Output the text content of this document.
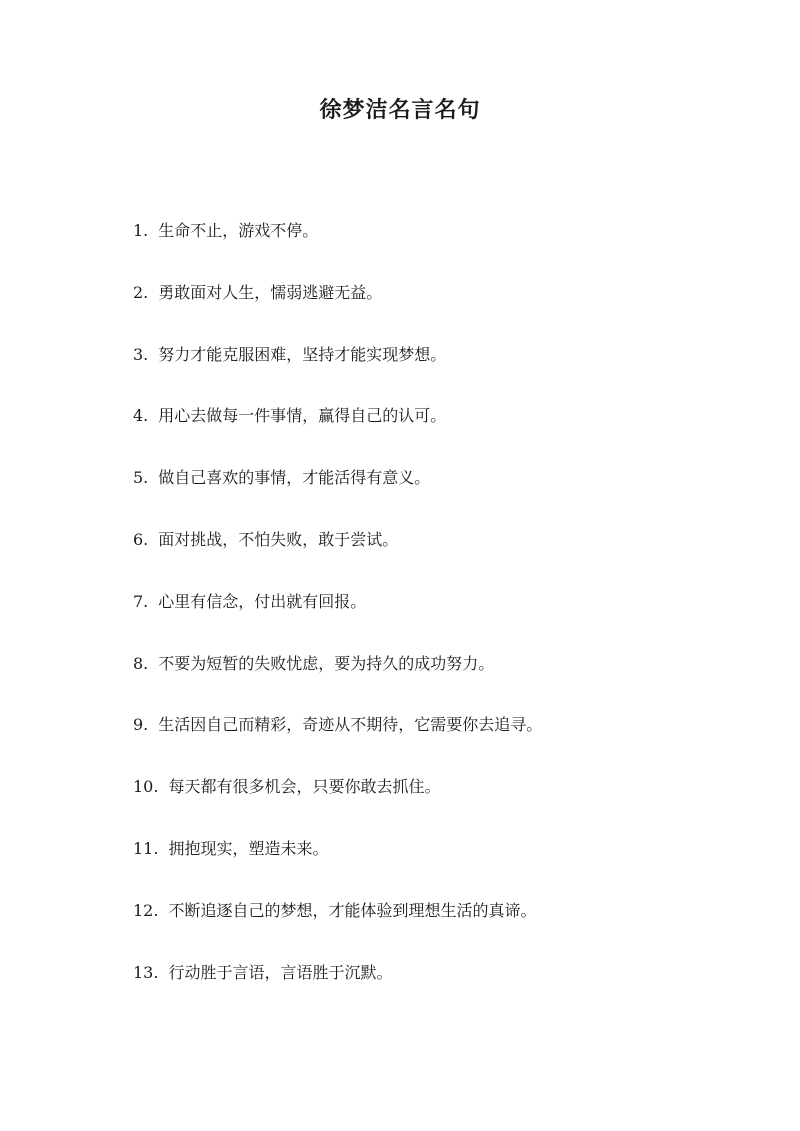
徐梦洁名言名句
1. 生命不止，游戏不停。
2. 勇敢面对人生，懦弱逃避无益。
3. 努力才能克服困难，坚持才能实现梦想。
4. 用心去做每一件事情，赢得自己的认可。
5. 做自己喜欢的事情，才能活得有意义。
6. 面对挑战，不怕失败，敢于尝试。
7. 心里有信念，付出就有回报。
8. 不要为短暂的失败忧虑，要为持久的成功努力。
9. 生活因自己而精彩，奇迹从不期待，它需要你去追寻。
10. 每天都有很多机会，只要你敢去抓住。
11. 拥抱现实，塑造未来。
12. 不断追逐自己的梦想，才能体验到理想生活的真谛。
13. 行动胜于言语，言语胜于沉默。
